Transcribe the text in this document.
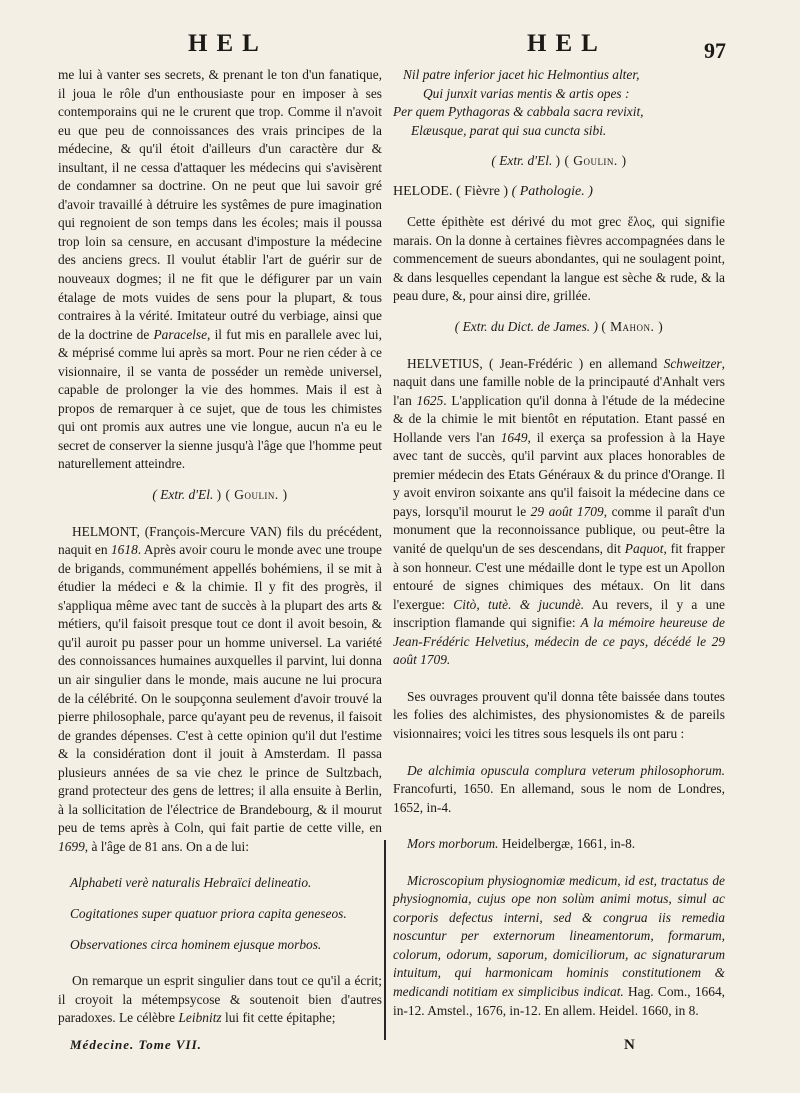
HEL	HEL	97

me lui à vanter ses secrets, & prenant le ton d'un fanatique, il joua le rôle d'un enthousiaste pour en imposer à ses contemporains qui ne le crurent que trop. Comme il n'avoit eu que peu de connoissances des vrais principes de la médecine, & qu'il étoit d'ailleurs d'un caractère dur & insultant, il ne cessa d'attaquer les médecins qui s'avisèrent de condamner sa doctrine. On ne peut que lui savoir gré d'avoir travaillé à détruire les systêmes de pure imagination qui regnoient de son temps dans les écoles; mais il poussa trop loin sa censure, en accusant d'imposture la médecine des anciens grecs. Il voulut établir l'art de guérir sur de nouveaux dogmes; il ne fit que le défigurer par un vain étalage de mots vuides de sens pour la plupart, & tous contraires à la vérité. Imitateur outré du verbiage, ainsi que de la doctrine de Paracelse, il fut mis en parallele avec lui, & méprisé comme lui après sa mort. Pour ne rien céder à ce visionnaire, il se vanta de posséder un remède universel, capable de prolonger la vie des hommes. Mais il est à propos de remarquer à ce sujet, que de tous les chimistes qui ont promis aux autres une vie longue, aucun n'a eu le secret de conserver la sienne jusqu'à l'âge que l'homme peut naturellement atteindre.

( Extr. d'El. ) ( Goulin. )

HELMONT, (François-Mercure VAN) fils du précédent, naquit en 1618. Après avoir couru le monde avec une troupe de brigands, communément appellés bohémiens, il se mit à étudier la médeci e & la chimie. Il y fit des progrès, il s'appliqua même avec tant de succès à la plupart des arts & métiers, qu'il faisoit presque tout ce dont il avoit besoin, & qu'il auroit pu passer pour un homme universel. La variété des connoissances humaines auxquelles il parvint, lui donna un air singulier dans le monde, mais aucune ne lui procura de la célébrité. On le soupçonna seulement d'avoir trouvé la pierre philosophale, parce qu'ayant peu de revenus, il faisoit de grandes dépenses. C'est à cette opinion qu'il dut l'estime & la considération dont il jouit à Amsterdam. Il passa plusieurs années de sa vie chez le prince de Sultzbach, grand protecteur des gens de lettres; il alla ensuite à Berlin, à la sollicitation de l'électrice de Brandebourg, & il mourut peu de tems après à Coln, qui fait partie de cette ville, en 1699, à l'âge de 81 ans. On a de lui:

Alphabeti verè naturalis Hebraïci delineatio.

Cogitationes super quatuor priora capita geneseos.

Observationes circa hominem ejusque morbos.

On remarque un esprit singulier dans tout ce qu'il a écrit; il croyoit la métempsycose & soutenoit bien d'autres paradoxes. Le célèbre Leibnitz lui fit cette épitaphe;

Nil patre inferior jacet hic Helmontius alter,

Qui junxit varias mentis & artis opes :

Per quem Pythagoras & cabbala sacra revixit,

Elæusque, parat qui sua cuncta sibi.

( Extr. d'El. ) ( Goulin. )

HELODE. ( Fièvre ) ( Pathologie. )

Cette épithète est dérivé du mot grec ἕλος, qui signifie marais. On la donne à certaines fièvres accompagnées dans le commencement de sueurs abondantes, qui ne soulagent point, & dans lesquelles cependant la langue est sèche & rude, & la peau dure, &, pour ainsi dire, grillée.

( Extr. du Dict. de James. ) ( Mahon. )

HELVETIUS, ( Jean-Frédéric ) en allemand Schweitzer, naquit dans une famille noble de la principauté d'Anhalt vers l'an 1625. L'application qu'il donna à l'étude de la médecine & de la chimie le mit bientôt en réputation. Etant passé en Hollande vers l'an 1649, il exerça sa profession à la Haye avec tant de succès, qu'il parvint aux places honorables de premier médecin des Etats Généraux & du prince d'Orange. Il y avoit environ soixante ans qu'il faisoit la médecine dans ce pays, lorsqu'il mourut le 29 août 1709, comme il paraît d'un monument que la reconnoissance publique, ou peut-être la vanité de quelqu'un de ses descendans, dit Paquot, fit frapper à son honneur. C'est une médaille dont le type est un Apollon entouré de signes chimiques des métaux. On lit dans l'exergue: Citò, tutè. & jucundè. Au revers, il y a une inscription flamande qui signifie: A la mémoire heureuse de Jean-Frédéric Helvetius, médecin de ce pays, décédé le 29 août 1709.

Ses ouvrages prouvent qu'il donna tête baissée dans toutes les folies des alchimistes, des physionomistes & de pareils visionnaires; voici les titres sous lesquels ils ont paru :

De alchimia opuscula complura veterum philosophorum. Francofurti, 1650. En allemand, sous le nom de Londres, 1652, in-4.

Mors morborum. Heidelbergæ, 1661, in-8.

Microscopium physiognomiæ medicum, id est, tractatus de physiognomia, cujus ope non solùm animi motus, simul ac corporis defectus interni, sed & congrua iis remedia noscuntur per externorum lineamentorum, formarum, colorum, odorum, saporum, domiciliorum, ac signaturarum intuitum, qui harmonicam hominis constitutionem & medicandi notitiam ex simplicibus indicat. Hag. Com., 1664, in-12. Amstel., 1676, in-12. En allem. Heidel. 1660, in 8.

Médecine. Tome VII.	N
